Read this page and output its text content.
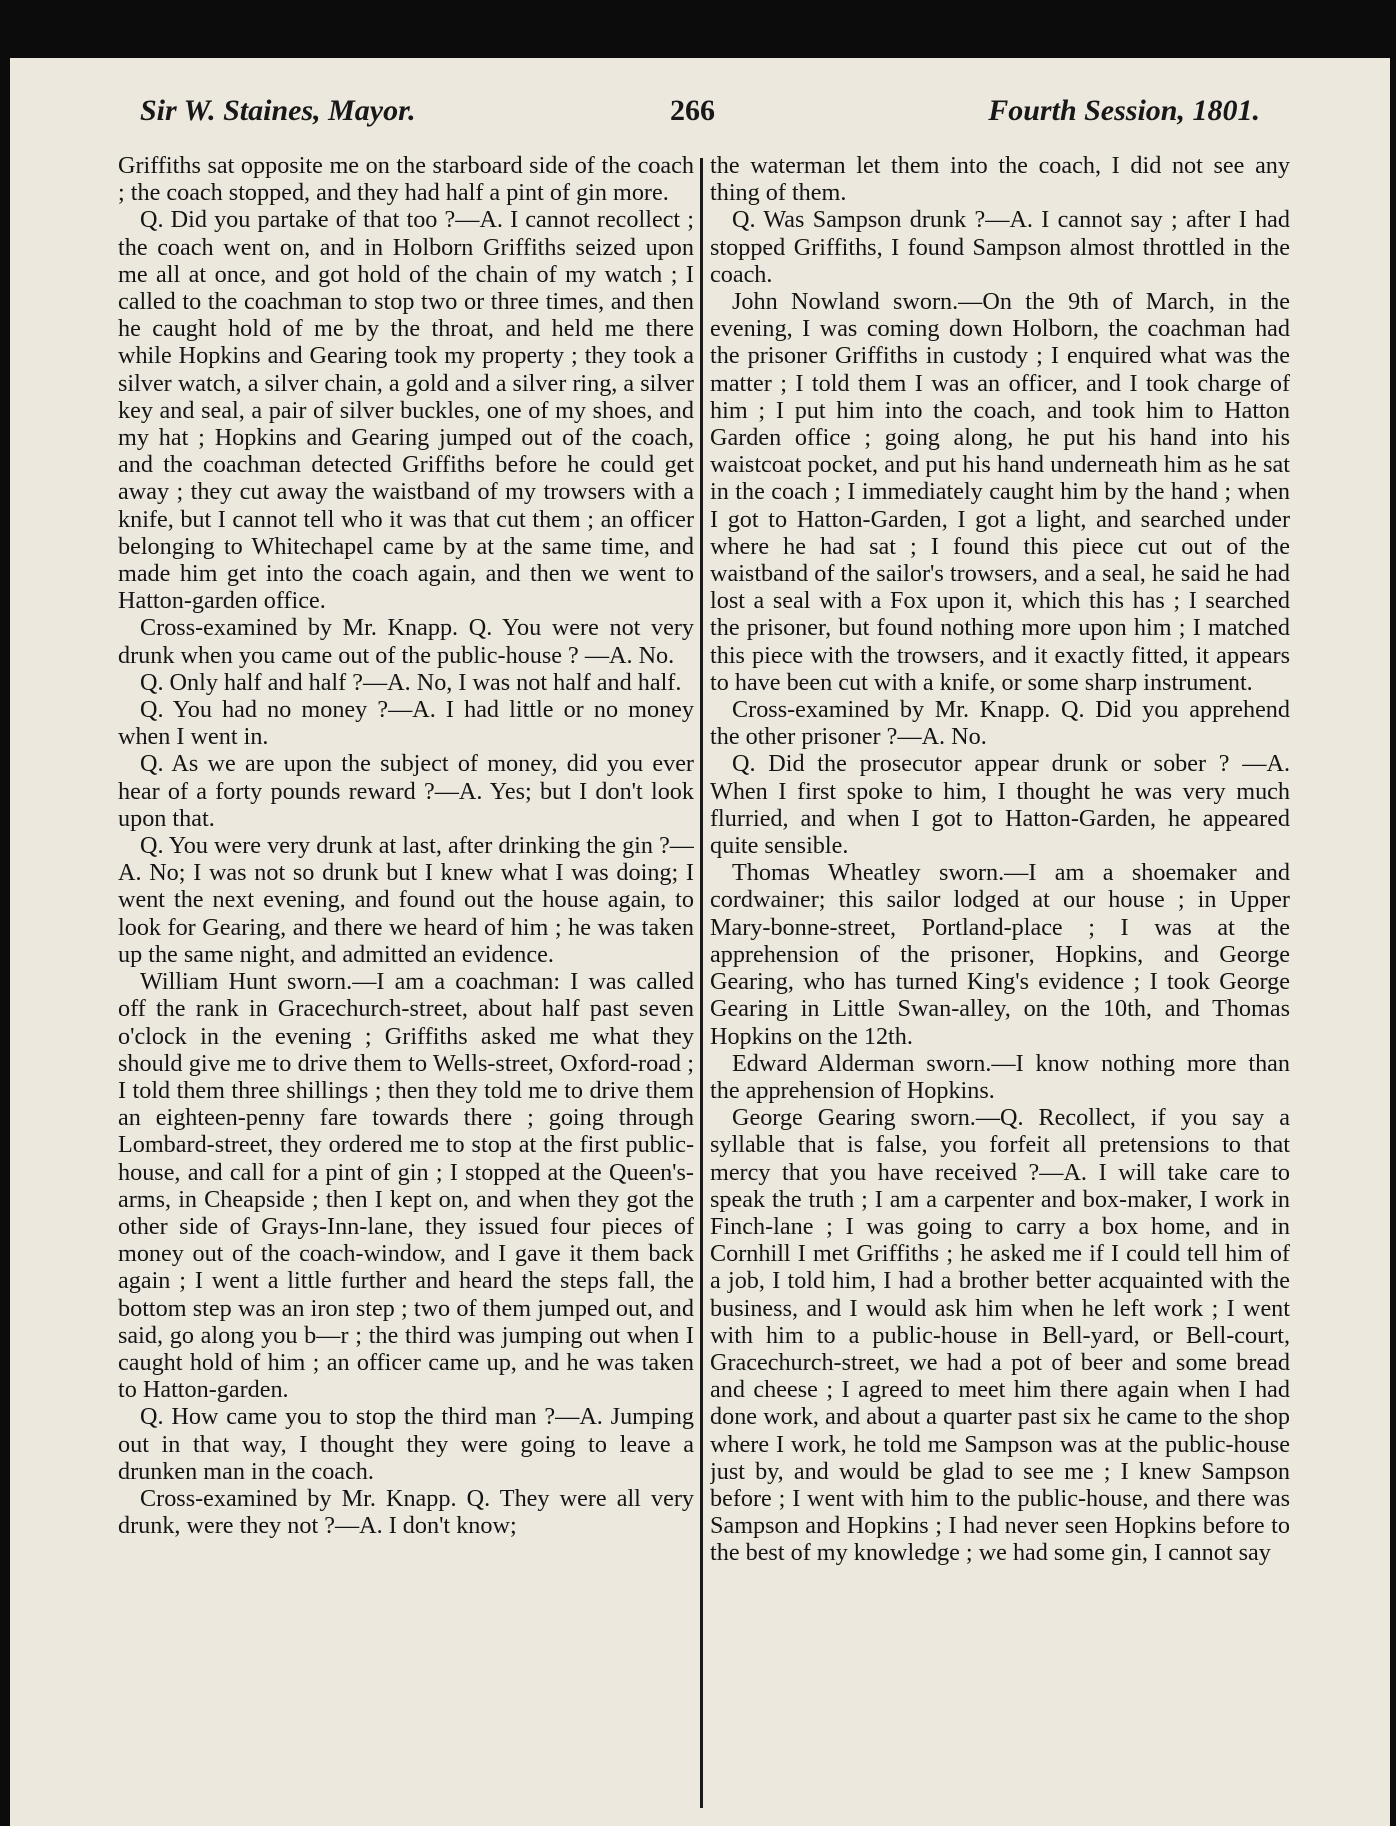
Sir W. Staines, Mayor.	266	Fourth Session, 1801.

Griffiths sat opposite me on the starboard side of the coach ; the coach stopped, and they had half a pint of gin more.

Q. Did you partake of that too ?—A. I cannot recollect ; the coach went on, and in Holborn Griffiths seized upon me all at once, and got hold of the chain of my watch ; I called to the coachman to stop two or three times, and then he caught hold of me by the throat, and held me there while Hopkins and Gearing took my property ; they took a silver watch, a silver chain, a gold and a silver ring, a silver key and seal, a pair of silver buckles, one of my shoes, and my hat ; Hopkins and Gearing jumped out of the coach, and the coachman detected Griffiths before he could get away ; they cut away the waistband of my trowsers with a knife, but I cannot tell who it was that cut them ; an officer belonging to Whitechapel came by at the same time, and made him get into the coach again, and then we went to Hatton-garden office.

Cross-examined by Mr. Knapp. Q. You were not very drunk when you came out of the public-house ? —A. No.

Q. Only half and half ?—A. No, I was not half and half.

Q. You had no money ?—A. I had little or no money when I went in.

Q. As we are upon the subject of money, did you ever hear of a forty pounds reward ?—A. Yes; but I don't look upon that.

Q. You were very drunk at last, after drinking the gin ?—A. No; I was not so drunk but I knew what I was doing; I went the next evening, and found out the house again, to look for Gearing, and there we heard of him ; he was taken up the same night, and admitted an evidence.

William Hunt sworn.—I am a coachman: I was called off the rank in Gracechurch-street, about half past seven o'clock in the evening ; Griffiths asked me what they should give me to drive them to Wells-street, Oxford-road ; I told them three shillings ; then they told me to drive them an eighteen-penny fare towards there ; going through Lombard-street, they ordered me to stop at the first public-house, and call for a pint of gin ; I stopped at the Queen's-arms, in Cheapside ; then I kept on, and when they got the other side of Grays-Inn-lane, they issued four pieces of money out of the coach-window, and I gave it them back again ; I went a little further and heard the steps fall, the bottom step was an iron step ; two of them jumped out, and said, go along you b—r ; the third was jumping out when I caught hold of him ; an officer came up, and he was taken to Hatton-garden.

Q. How came you to stop the third man ?—A. Jumping out in that way, I thought they were going to leave a drunken man in the coach.

Cross-examined by Mr. Knapp. Q. They were all very drunk, were they not ?—A. I don't know;

the waterman let them into the coach, I did not see any thing of them.

Q. Was Sampson drunk ?—A. I cannot say ; after I had stopped Griffiths, I found Sampson almost throttled in the coach.

John Nowland sworn.—On the 9th of March, in the evening, I was coming down Holborn, the coachman had the prisoner Griffiths in custody ; I enquired what was the matter ; I told them I was an officer, and I took charge of him ; I put him into the coach, and took him to Hatton Garden office ; going along, he put his hand into his waistcoat pocket, and put his hand underneath him as he sat in the coach ; I immediately caught him by the hand ; when I got to Hatton-Garden, I got a light, and searched under where he had sat ; I found this piece cut out of the waistband of the sailor's trowsers, and a seal, he said he had lost a seal with a Fox upon it, which this has ; I searched the prisoner, but found nothing more upon him ; I matched this piece with the trowsers, and it exactly fitted, it appears to have been cut with a knife, or some sharp instrument.

Cross-examined by Mr. Knapp. Q. Did you apprehend the other prisoner ?—A. No.

Q. Did the prosecutor appear drunk or sober ? —A. When I first spoke to him, I thought he was very much flurried, and when I got to Hatton-Garden, he appeared quite sensible.

Thomas Wheatley sworn.—I am a shoemaker and cordwainer; this sailor lodged at our house ; in Upper Mary-bonne-street, Portland-place ; I was at the apprehension of the prisoner, Hopkins, and George Gearing, who has turned King's evidence ; I took George Gearing in Little Swan-alley, on the 10th, and Thomas Hopkins on the 12th.

Edward Alderman sworn.—I know nothing more than the apprehension of Hopkins.

George Gearing sworn.—Q. Recollect, if you say a syllable that is false, you forfeit all pretensions to that mercy that you have received ?—A. I will take care to speak the truth ; I am a carpenter and box-maker, I work in Finch-lane ; I was going to carry a box home, and in Cornhill I met Griffiths ; he asked me if I could tell him of a job, I told him, I had a brother better acquainted with the business, and I would ask him when he left work ; I went with him to a public-house in Bell-yard, or Bell-court, Gracechurch-street, we had a pot of beer and some bread and cheese ; I agreed to meet him there again when I had done work, and about a quarter past six he came to the shop where I work, he told me Sampson was at the public-house just by, and would be glad to see me ; I knew Sampson before ; I went with him to the public-house, and there was Sampson and Hopkins ; I had never seen Hopkins before to the best of my knowledge ; we had some gin, I cannot say
